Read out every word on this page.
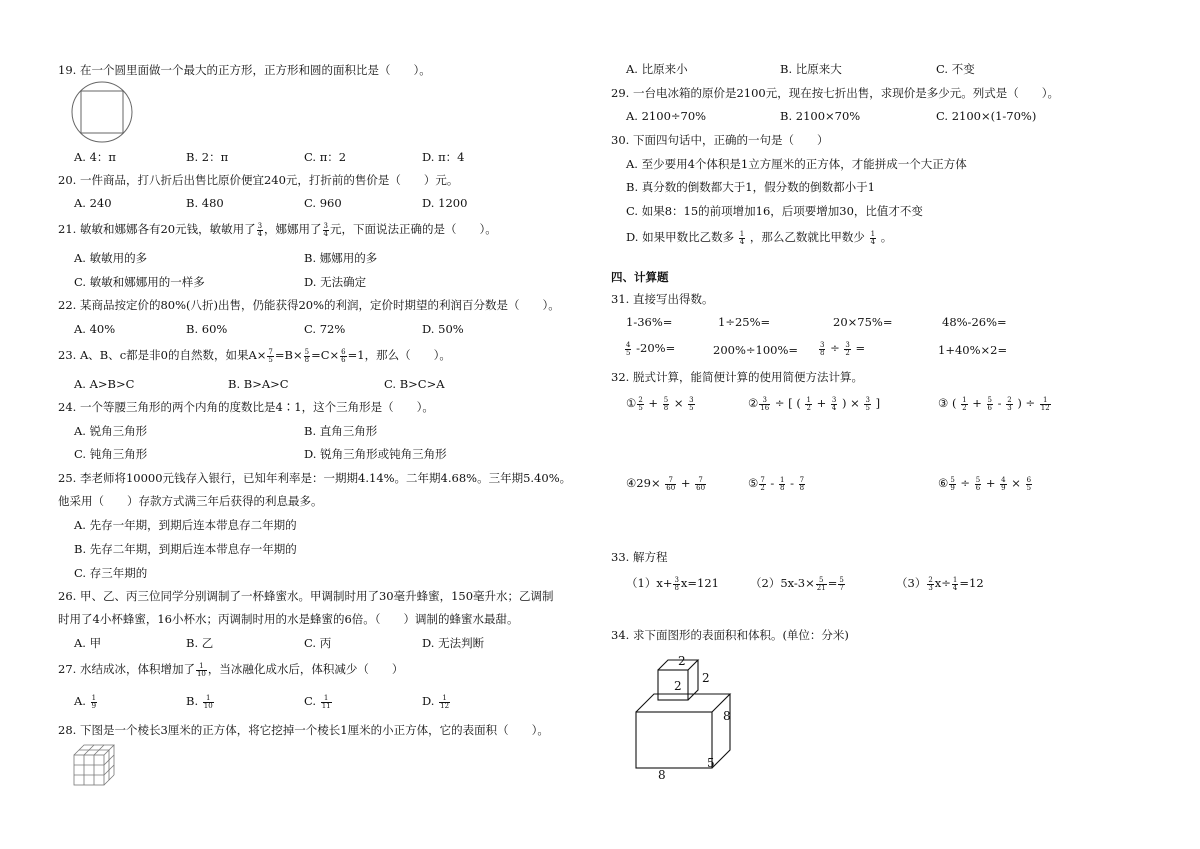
19. 在一个圆里面做一个最大的正方形，正方形和圆的面积比是（　　）。
A. 4：π	B. 2：π	C. π：2	D. π：4
20. 一件商品，打八折后出售比原价便宜240元，打折前的售价是（　　）元。
A. 240	B. 480	C. 960	D. 1200
21. 敏敏和娜娜各有20元钱，敏敏用了 $\frac{3}{4}$ ，娜娜用了 $\frac{3}{4}$ 元，下面说法正确的是（　　）。
A. 敏敏用的多	B. 娜娜用的多
C. 敏敏和娜娜用的一样多	D. 无法确定
22. 某商品按定价的80%(八折)出售，仍能获得20%的利润，定价时期望的利润百分数是（　　）。
A. 40%	B. 60%	C. 72%	D. 50%
23. A、B、c都是非0的自然数，如果$A\times \frac{7}{5} =B\times \frac{5}{8} =C\times \frac{6}{6} =1$，那么（　　）。
A. A>B>C	B. B>A>C	C. B>C>A
24. 一个等腰三角形的两个内角的度数比是4∶1，这个三角形是（　　）。
A. 锐角三角形	B. 直角三角形
C. 钝角三角形	D. 锐角三角形或钝角三角形
25. 李老师将10000元钱存入银行，已知年利率是：一期期4.14%。二年期4.68%。三年期5.40%。
他采用（　　）存款方式满三年后获得的利息最多。
A. 先存一年期，到期后连本带息存二年期的
B. 先存二年期，到期后连本带息存一年期的
C. 存三年期的
26. 甲、乙、丙三位同学分别调制了一杯蜂蜜水。甲调制时用了30毫升蜂蜜，150毫升水；乙调制
时用了4小杯蜂蜜，16小杯水；丙调制时用的水是蜂蜜的6倍。（　　）调制的蜂蜜水最甜。
A. 甲	B. 乙	C. 丙	D. 无法判断
27. 水结成冰，体积增加了 $\frac{1}{10}$ ，当冰融化成水后，体积减少（　　）
A. $\frac{1}{9}$	B. $\frac{1}{10}$	C. $\frac{1}{11}$	D. $\frac{1}{12}$
28. 下图是一个棱长3厘米的正方体，将它挖掉一个棱长1厘米的小正方体，它的表面积（　　）。
A. 比原来小	B. 比原来大	C. 不变
29. 一台电冰箱的原价是2100元，现在按七折出售，求现价是多少元。列式是（　　）。
A. 2100÷70%	B. 2100×70%	C. 2100×(1-70%)
30. 下面四句话中，正确的一句是（　　）
A. 至少要用4个体积是1立方厘米的正方体，才能拼成一个大正方体
B. 真分数的倒数都大于1，假分数的倒数都小于1
C. 如果8：15的前项增加16，后项要增加30，比值才不变
D. 如果甲数比乙数多 $\frac{1}{4}$ ，那么乙数就比甲数少 $\frac{1}{4}$ 。
四、计算题
31. 直接写出得数。
1-36%=	1÷25%=	20×75%=	48%-26%=
$\frac{4}{5} -20\%=$	200%÷100%=	$\frac{3}{8} \div \frac{3}{2}$ =	1+40%×2=
32. 脱式计算，能简便计算的使用简便方法计算。
① $\frac{2}{5} + \frac{5}{8} \times \frac{3}{5}$	② $\frac{3}{16}$ ÷ [ ( $\frac{1}{2} + \frac{3}{4}$ ) × $\frac{3}{5}$ ]	③ ( $\frac{1}{2} + \frac{5}{6} - \frac{2}{3}$ ) ÷ $\frac{1}{12}$
④29× $\frac{7}{60} + \frac{7}{60}$	⑤ $\frac{7}{2} - \frac{1}{8} - \frac{7}{8}$	⑥ $\frac{5}{9} \div \frac{5}{6} + \frac{4}{9} \times \frac{6}{5}$
33. 解方程
$(1)x+ \frac{3}{8} x=121$	$(2)5x-3\times \frac{5}{21} = \frac{5}{7}$	$(3) \frac{2}{3} x\div \frac{1}{4} =12$
34. 求下面图形的表面积和体积。(单位：分米)
2
2
2
8
8
5
